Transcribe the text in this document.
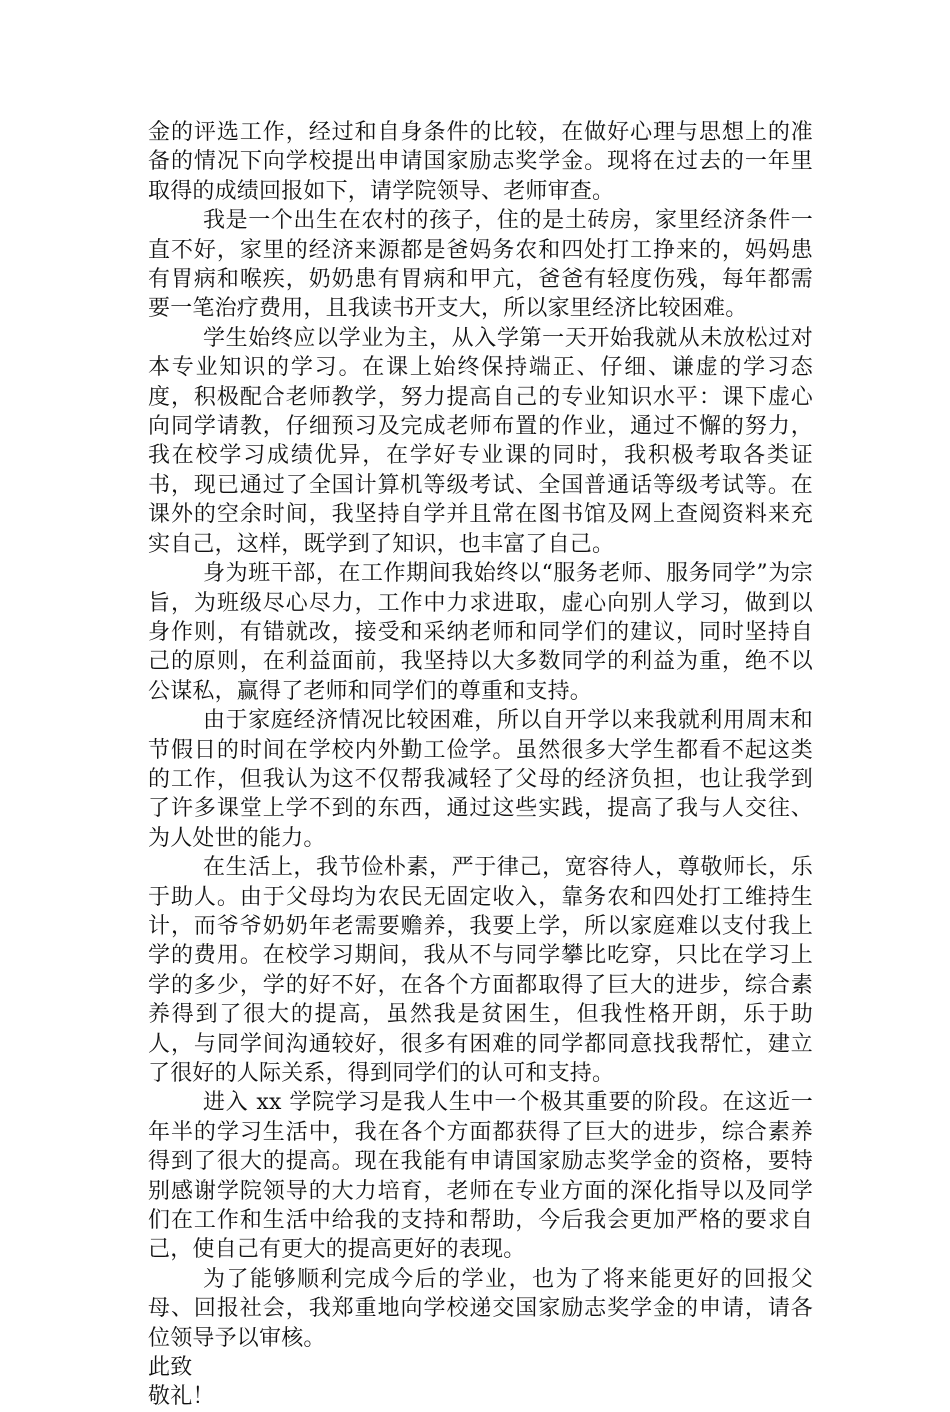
金的评选工作，经过和自身条件的比较，在做好心理与思想上的准备的情况下向学校提出申请国家励志奖学金。现将在过去的一年里取得的成绩回报如下，请学院领导、老师审查。

我是一个出生在农村的孩子，住的是土砖房，家里经济条件一直不好，家里的经济来源都是爸妈务农和四处打工挣来的，妈妈患有胃病和喉疾，奶奶患有胃病和甲亢，爸爸有轻度伤残，每年都需要一笔治疗费用，且我读书开支大，所以家里经济比较困难。

学生始终应以学业为主，从入学第一天开始我就从未放松过对本专业知识的学习。在课上始终保持端正、仔细、谦虚的学习态度，积极配合老师教学，努力提高自己的专业知识水平：课下虚心向同学请教，仔细预习及完成老师布置的作业，通过不懈的努力，我在校学习成绩优异，在学好专业课的同时，我积极考取各类证书，现已通过了全国计算机等级考试、全国普通话等级考试等。在课外的空余时间，我坚持自学并且常在图书馆及网上查阅资料来充实自己，这样，既学到了知识，也丰富了自己。

身为班干部，在工作期间我始终以“服务老师、服务同学”为宗旨，为班级尽心尽力，工作中力求进取，虚心向别人学习，做到以身作则，有错就改，接受和采纳老师和同学们的建议，同时坚持自己的原则，在利益面前，我坚持以大多数同学的利益为重，绝不以公谋私，赢得了老师和同学们的尊重和支持。

由于家庭经济情况比较困难，所以自开学以来我就利用周末和节假日的时间在学校内外勤工俭学。虽然很多大学生都看不起这类的工作，但我认为这不仅帮我减轻了父母的经济负担，也让我学到了许多课堂上学不到的东西，通过这些实践，提高了我与人交往、为人处世的能力。

在生活上，我节俭朴素，严于律己，宽容待人，尊敬师长，乐于助人。由于父母均为农民无固定收入，靠务农和四处打工维持生计，而爷爷奶奶年老需要赡养，我要上学，所以家庭难以支付我上学的费用。在校学习期间，我从不与同学攀比吃穿，只比在学习上学的多少，学的好不好，在各个方面都取得了巨大的进步，综合素养得到了很大的提高，虽然我是贫困生，但我性格开朗，乐于助人，与同学间沟通较好，很多有困难的同学都同意找我帮忙，建立了很好的人际关系，得到同学们的认可和支持。

进入 xx 学院学习是我人生中一个极其重要的阶段。在这近一年半的学习生活中，我在各个方面都获得了巨大的进步，综合素养得到了很大的提高。现在我能有申请国家励志奖学金的资格，要特别感谢学院领导的大力培育，老师在专业方面的深化指导以及同学们在工作和生活中给我的支持和帮助，今后我会更加严格的要求自己，使自己有更大的提高更好的表现。

为了能够顺利完成今后的学业，也为了将来能更好的回报父母、回报社会，我郑重地向学校递交国家励志奖学金的申请，请各位领导予以审核。

此致

敬礼！
